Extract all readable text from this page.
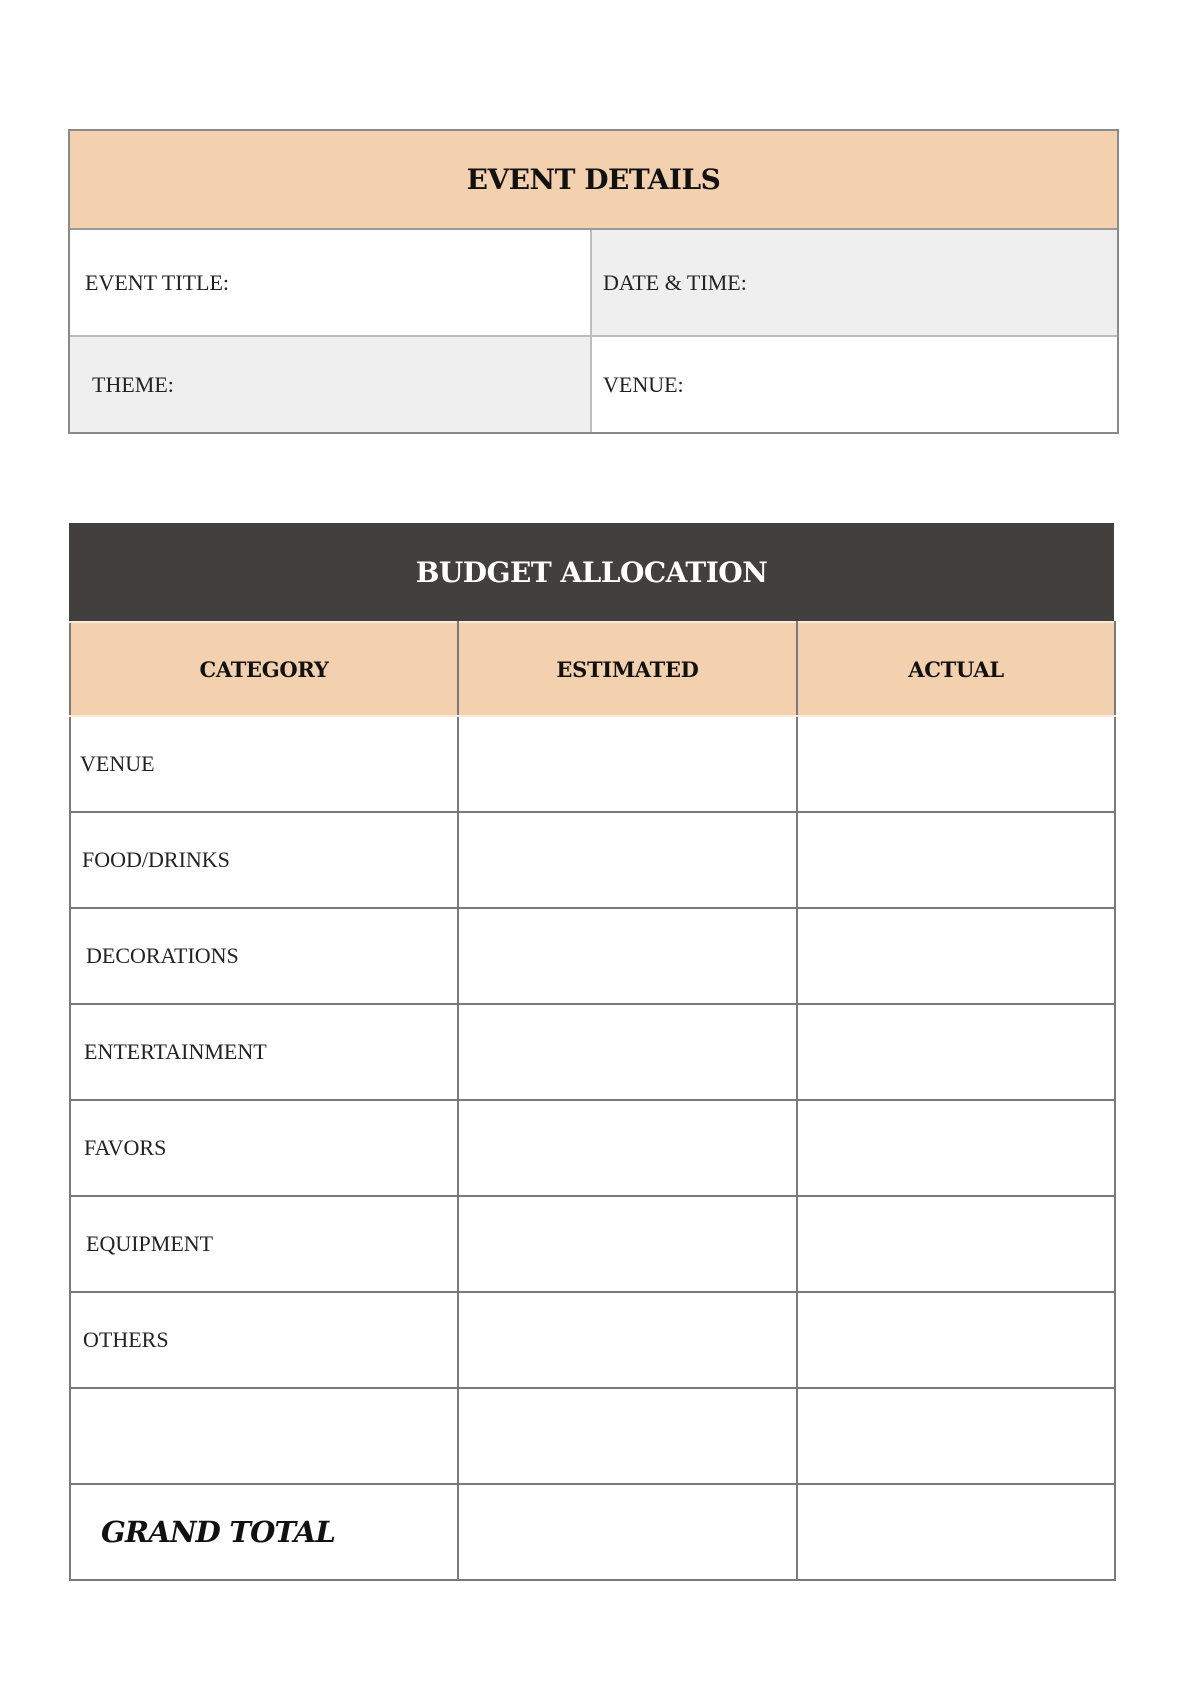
EVENT DETAILS
EVENT TITLE:	DATE & TIME:
THEME:	VENUE:
BUDGET ALLOCATION
CATEGORY	ESTIMATED	ACTUAL
VENUE		
FOOD/DRINKS		
DECORATIONS		
ENTERTAINMENT		
FAVORS		
EQUIPMENT		
OTHERS		

GRAND TOTAL		
